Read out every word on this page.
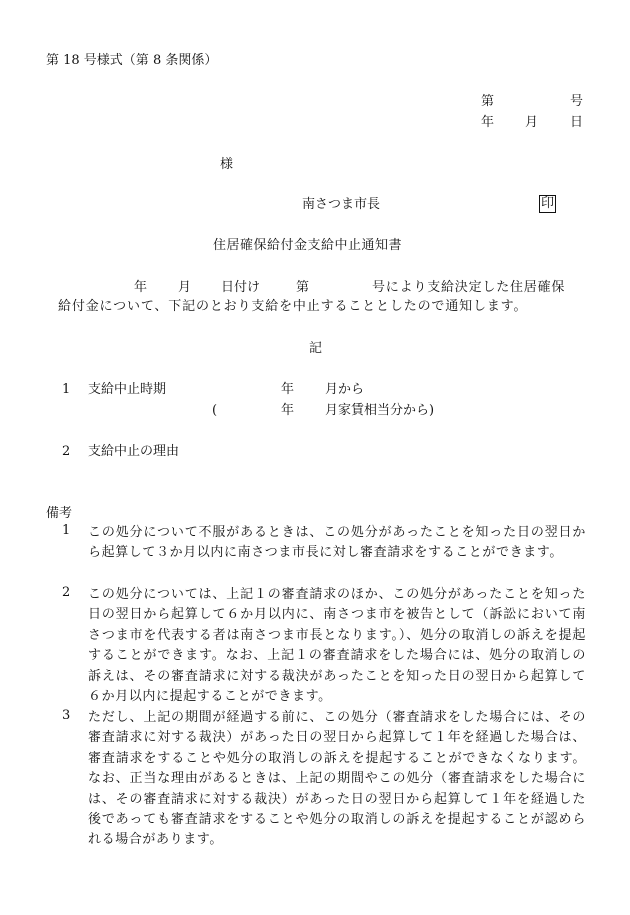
第 18 号様式（第 8 条関係）
第	号
年 月 日
様
南さつま市長	印
住居確保給付金支給中止通知書
年 月 日付け	第	号により支給決定した住居確保
給付金について、下記のとおり支給を中止することとしたので通知します。
記
1 支給中止時期	年 月から
(	年 月家賃相当分から)
2 支給中止の理由
備考
1	この処分について不服があるときは、この処分があったことを知った日の翌日から起算して３か月以内に南さつま市長に対し審査請求をすることができます。
2	この処分については、上記１の審査請求のほか、この処分があったことを知った日の翌日から起算して６か月以内に、南さつま市を被告として（訴訟において南さつま市を代表する者は南さつま市長となります。）、処分の取消しの訴えを提起することができます。なお、上記１の審査請求をした場合には、処分の取消しの訴えは、その審査請求に対する裁決があったことを知った日の翌日から起算して６か月以内に提起することができます。
3	ただし、上記の期間が経過する前に、この処分（審査請求をした場合には、その審査請求に対する裁決）があった日の翌日から起算して１年を経過した場合は、審査請求をすることや処分の取消しの訴えを提起することができなくなります。なお、正当な理由があるときは、上記の期間やこの処分（審査請求をした場合には、その審査請求に対する裁決）があった日の翌日から起算して１年を経過した後であっても審査請求をすることや処分の取消しの訴えを提起することが認められる場合があります。
